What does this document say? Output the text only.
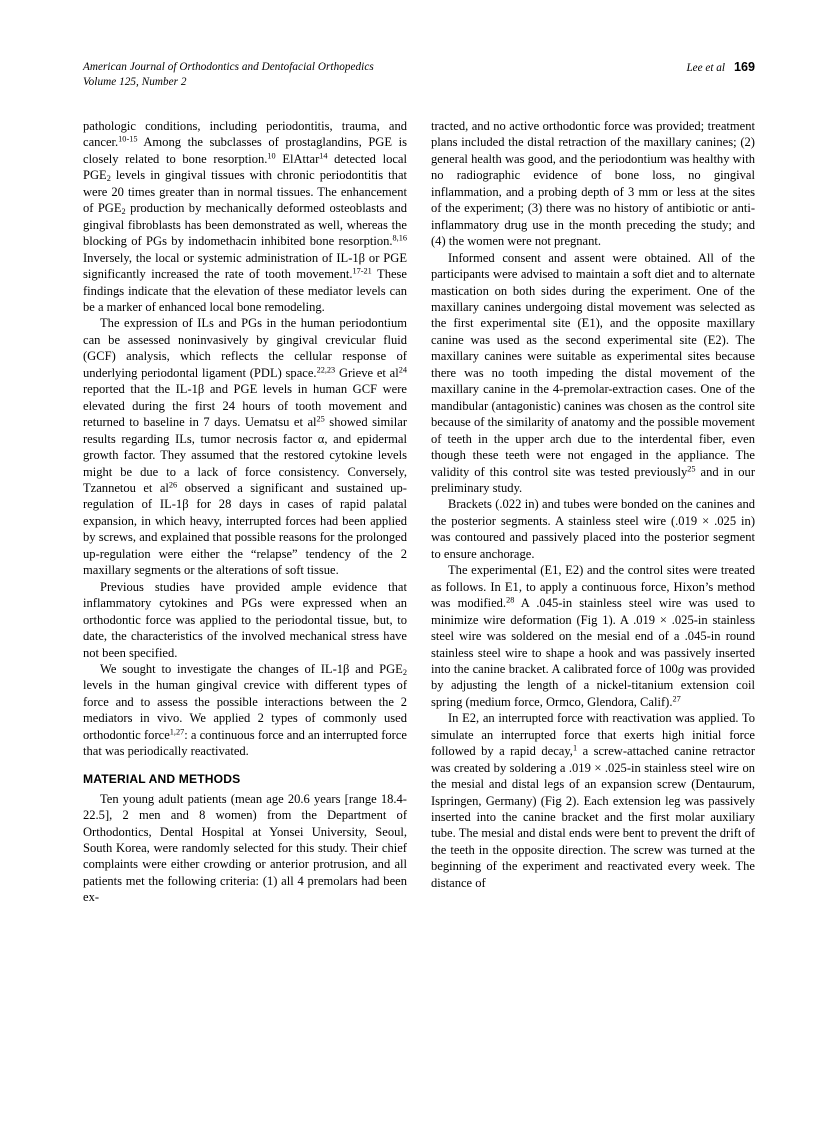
American Journal of Orthodontics and Dentofacial Orthopedics
Volume 125, Number 2
Lee et al 169

pathologic conditions, including periodontitis, trauma, and cancer.$^{10-15}$ Among the subclasses of prostaglandins, PGE is closely related to bone resorption.$^{10}$ ElAttar$^{14}$ detected local $PGE_2$ levels in gingival tissues with chronic periodontitis that were 20 times greater than in normal tissues. The enhancement of $PGE_2$ production by mechanically deformed osteoblasts and gingival fibroblasts has been demonstrated as well, whereas the blocking of PGs by indomethacin inhibited bone resorption.$^{8,16}$ Inversely, the local or systemic administration of IL-1β or PGE significantly increased the rate of tooth movement.$^{17-21}$ These findings indicate that the elevation of these mediator levels can be a marker of enhanced local bone remodeling.

The expression of ILs and PGs in the human periodontium can be assessed noninvasively by gingival crevicular fluid (GCF) analysis, which reflects the cellular response of underlying periodontal ligament (PDL) space.$^{22,23}$ Grieve et $al^{24}$ reported that the IL-1β and PGE levels in human GCF were elevated during the first 24 hours of tooth movement and returned to baseline in 7 days. Uematsu et $al^{25}$ showed similar results regarding ILs, tumor necrosis factor α, and epidermal growth factor. They assumed that the restored cytokine levels might be due to a lack of force consistency. Conversely, Tzannetou et $al^{26}$ observed a significant and sustained up-regulation of IL-1β for 28 days in cases of rapid palatal expansion, in which heavy, interrupted forces had been applied by screws, and explained that possible reasons for the prolonged up-regulation were either the “relapse” tendency of the 2 maxillary segments or the alterations of soft tissue.

Previous studies have provided ample evidence that inflammatory cytokines and PGs were expressed when an orthodontic force was applied to the periodontal tissue, but, to date, the characteristics of the involved mechanical stress have not been specified.

We sought to investigate the changes of IL-1β and $PGE_2$ levels in the human gingival crevice with different types of force and to assess the possible interactions between the 2 mediators in vivo. We applied 2 types of commonly used orthodontic force$^{1,27}$: a continuous force and an interrupted force that was periodically reactivated.

MATERIAL AND METHODS

Ten young adult patients (mean age 20.6 years [range 18.4-22.5], 2 men and 8 women) from the Department of Orthodontics, Dental Hospital at Yonsei University, Seoul, South Korea, were randomly selected for this study. Their chief complaints were either crowding or anterior protrusion, and all patients met the following criteria: (1) all 4 premolars had been ex-

tracted, and no active orthodontic force was provided; treatment plans included the distal retraction of the maxillary canines; (2) general health was good, and the periodontium was healthy with no radiographic evidence of bone loss, no gingival inflammation, and a probing depth of 3 mm or less at the sites of the experiment; (3) there was no history of antibiotic or anti-inflammatory drug use in the month preceding the study; and (4) the women were not pregnant.

Informed consent and assent were obtained. All of the participants were advised to maintain a soft diet and to alternate mastication on both sides during the experiment. One of the maxillary canines undergoing distal movement was selected as the first experimental site (E1), and the opposite maxillary canine was used as the second experimental site (E2). The maxillary canines were suitable as experimental sites because there was no tooth impeding the distal movement of the maxillary canine in the 4-premolar-extraction cases. One of the mandibular (antagonistic) canines was chosen as the control site because of the similarity of anatomy and the possible movement of teeth in the upper arch due to the interdental fiber, even though these teeth were not engaged in the appliance. The validity of this control site was tested previously$^{25}$ and in our preliminary study.

Brackets (.022 in) and tubes were bonded on the canines and the posterior segments. A stainless steel wire (.019 × .025 in) was contoured and passively placed into the posterior segment to ensure anchorage.

The experimental (E1, E2) and the control sites were treated as follows. In E1, to apply a continuous force, Hixon’s method was modified.$^{28}$ A .045-in stainless steel wire was used to minimize wire deformation (Fig 1). A .019 × .025-in stainless steel wire was soldered on the mesial end of a .045-in round stainless steel wire to shape a hook and was passively inserted into the canine bracket. A calibrated force of 100g was provided by adjusting the length of a nickel-titanium extension coil spring (medium force, Ormco, Glendora, Calif).$^{27}$

In E2, an interrupted force with reactivation was applied. To simulate an interrupted force that exerts high initial force followed by a rapid decay,$^1$ a screw-attached canine retractor was created by soldering a .019 × .025-in stainless steel wire on the mesial and distal legs of an expansion screw (Dentaurum, Ispringen, Germany) (Fig 2). Each extension leg was passively inserted into the canine bracket and the first molar auxiliary tube. The mesial and distal ends were bent to prevent the drift of the teeth in the opposite direction. The screw was turned at the beginning of the experiment and reactivated every week. The distance of
